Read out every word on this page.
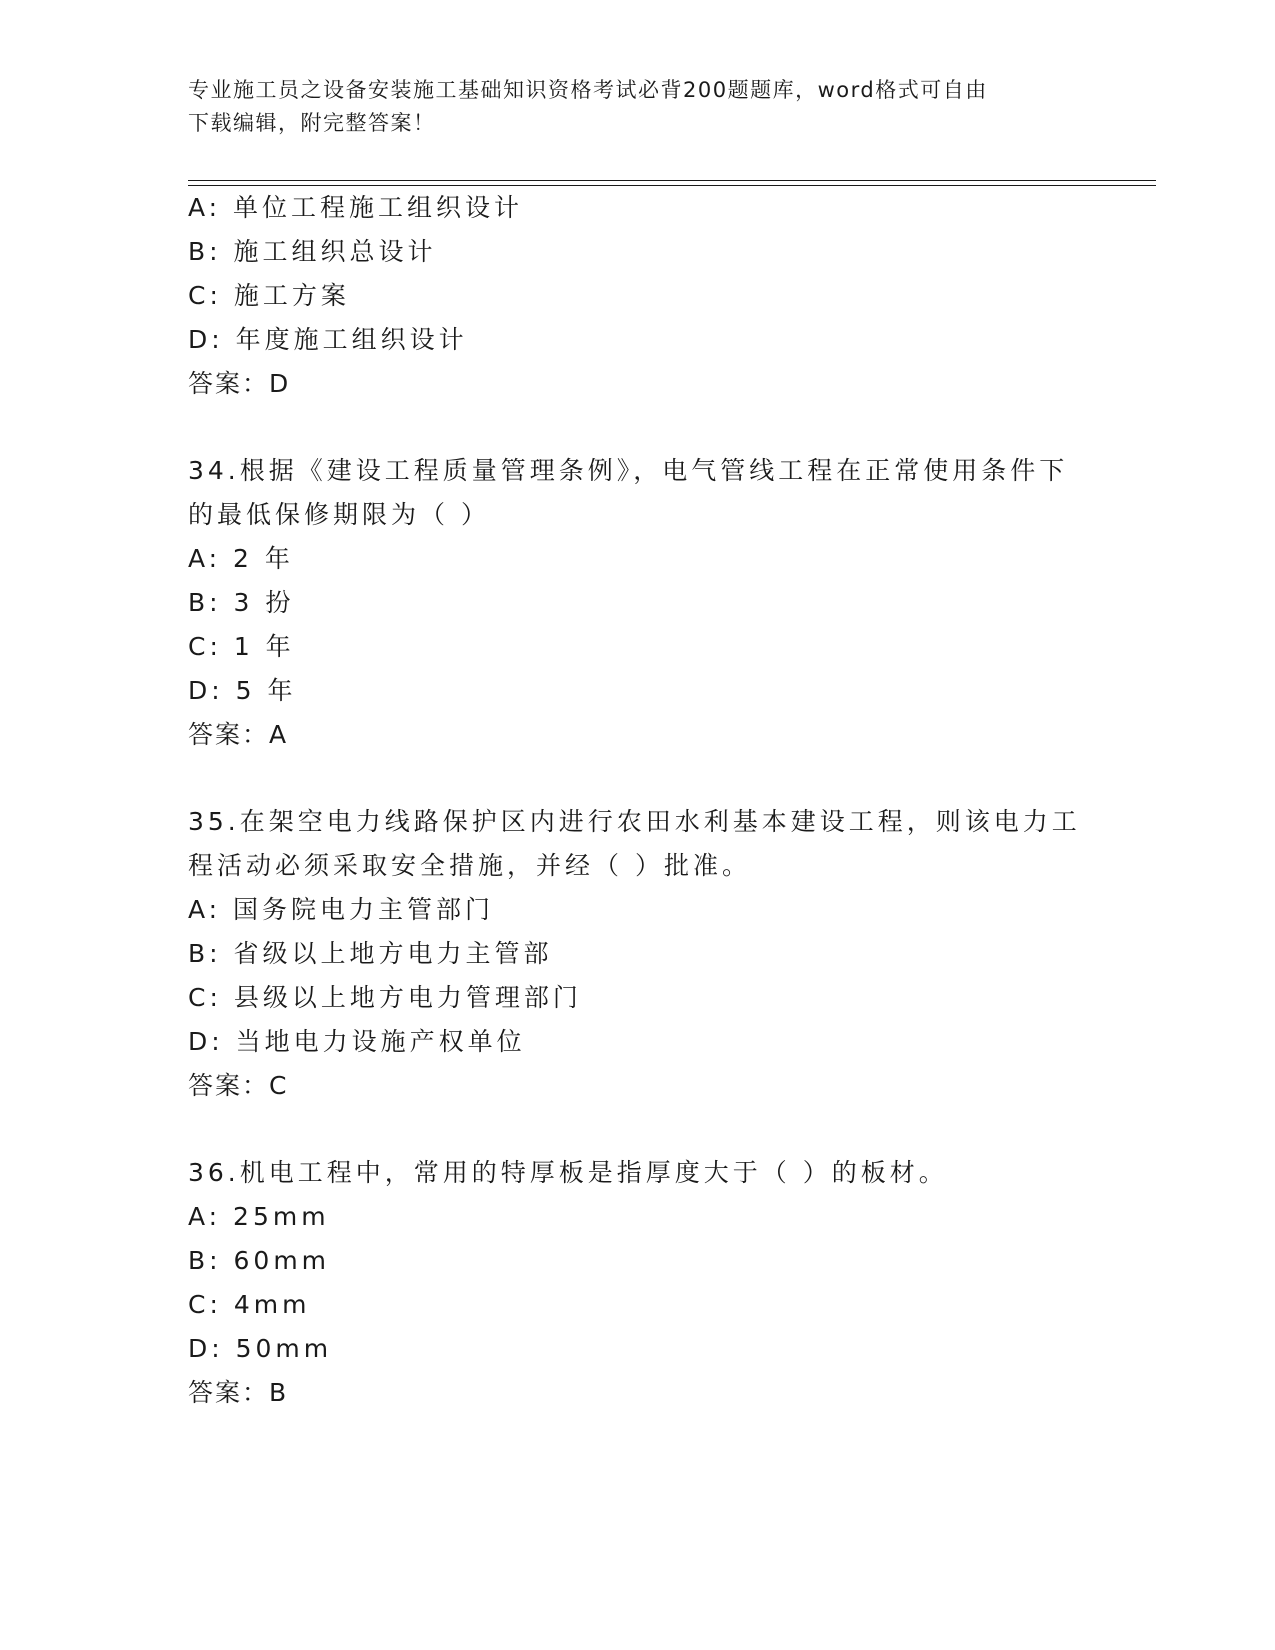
专业施工员之设备安装施工基础知识资格考试必背200题题库，word格式可自由
下载编辑，附完整答案！
A: 单位工程施工组织设计
B: 施工组织总设计
C: 施工方案
D: 年度施工组织设计
答案：D
34.根据《建设工程质量管理条例》，电气管线工程在正常使用条件下
的最低保修期限为（ ）
A: 2 年
B: 3 扮
C: 1 年
D: 5 年
答案：A
35.在架空电力线路保护区内进行农田水利基本建设工程，则该电力工
程活动必须采取安全措施，并经（ ）批准。
A: 国务院电力主管部门
B: 省级以上地方电力主管部
C: 县级以上地方电力管理部门
D: 当地电力设施产权单位
答案：C
36.机电工程中，常用的特厚板是指厚度大于（ ）的板材。
A: 25mm
B: 60mm
C: 4mm
D: 50mm
答案：B
